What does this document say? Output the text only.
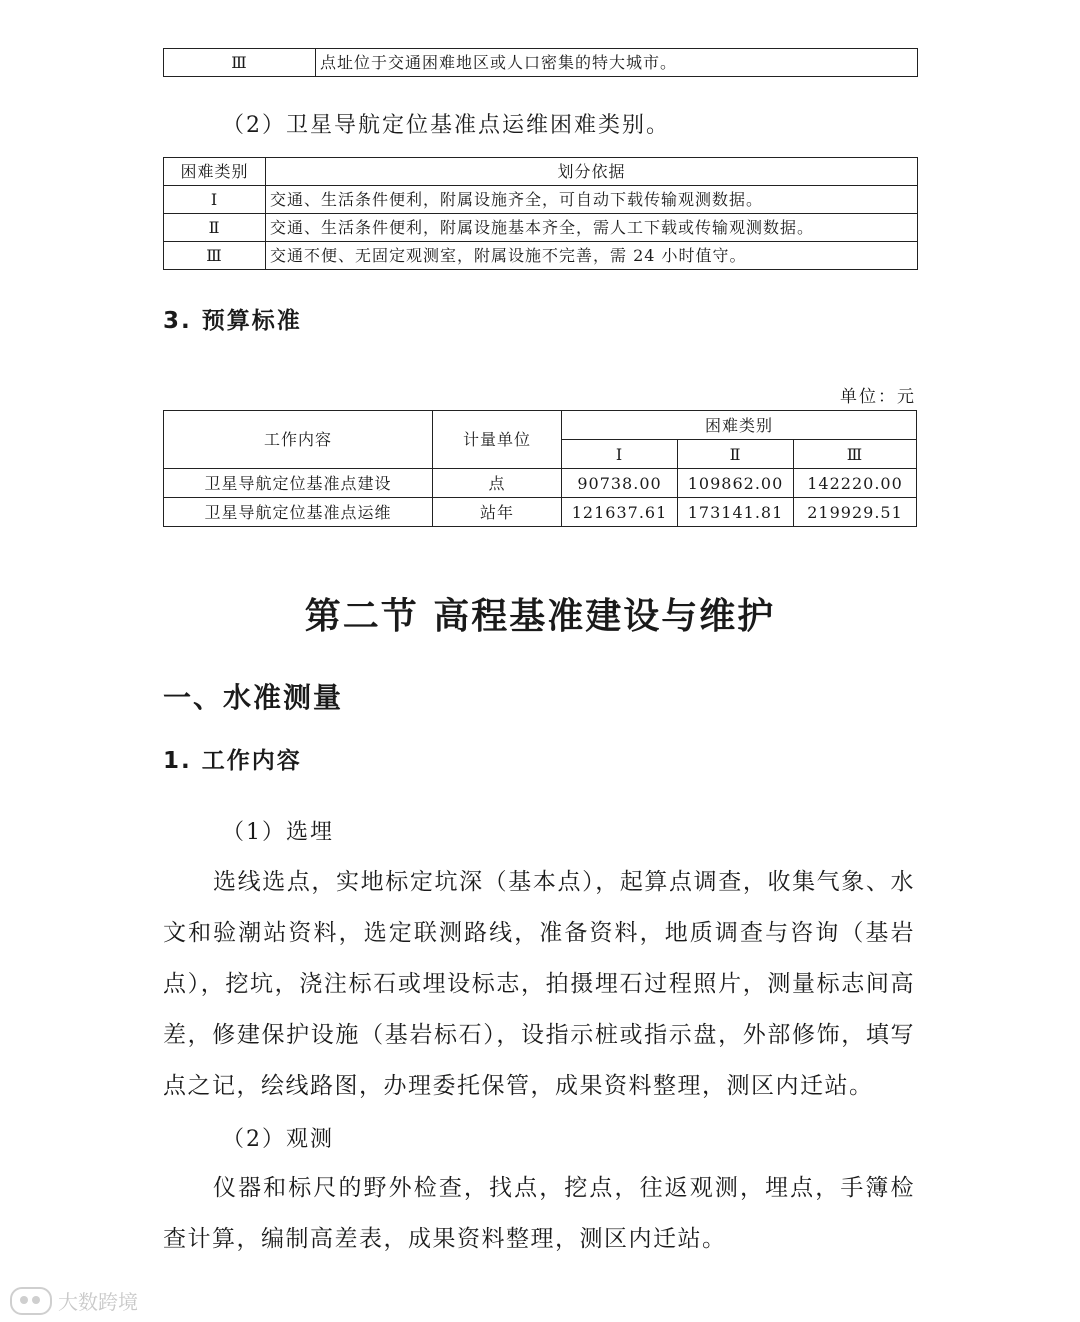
Ⅲ	点址位于交通困难地区或人口密集的特大城市。
（2）卫星导航定位基准点运维困难类别。
困难类别	划分依据
Ⅰ	交通、生活条件便利，附属设施齐全，可自动下载传输观测数据。
Ⅱ	交通、生活条件便利，附属设施基本齐全，需人工下载或传输观测数据。
Ⅲ	交通不便、无固定观测室，附属设施不完善，需 24 小时值守。
3. 预算标准
单位：元
工作内容	计量单位	困难类别		
		Ⅰ	Ⅱ	Ⅲ
卫星导航定位基准点建设	点	90738.00	109862.00	142220.00
卫星导航定位基准点运维	站年	121637.61	173141.81	219929.51
第二节 高程基准建设与维护
一、水准测量
1. 工作内容
（1）选埋
选线选点，实地标定坑深（基本点），起算点调查，收集气象、水文和验潮站资料，选定联测路线，准备资料，地质调查与咨询（基岩点），挖坑，浇注标石或埋设标志，拍摄埋石过程照片，测量标志间高差，修建保护设施（基岩标石），设指示桩或指示盘，外部修饰，填写点之记，绘线路图，办理委托保管，成果资料整理，测区内迁站。
（2）观测
仪器和标尺的野外检查，找点，挖点，往返观测，埋点，手簿检查计算，编制高差表，成果资料整理，测区内迁站。
大数跨境
